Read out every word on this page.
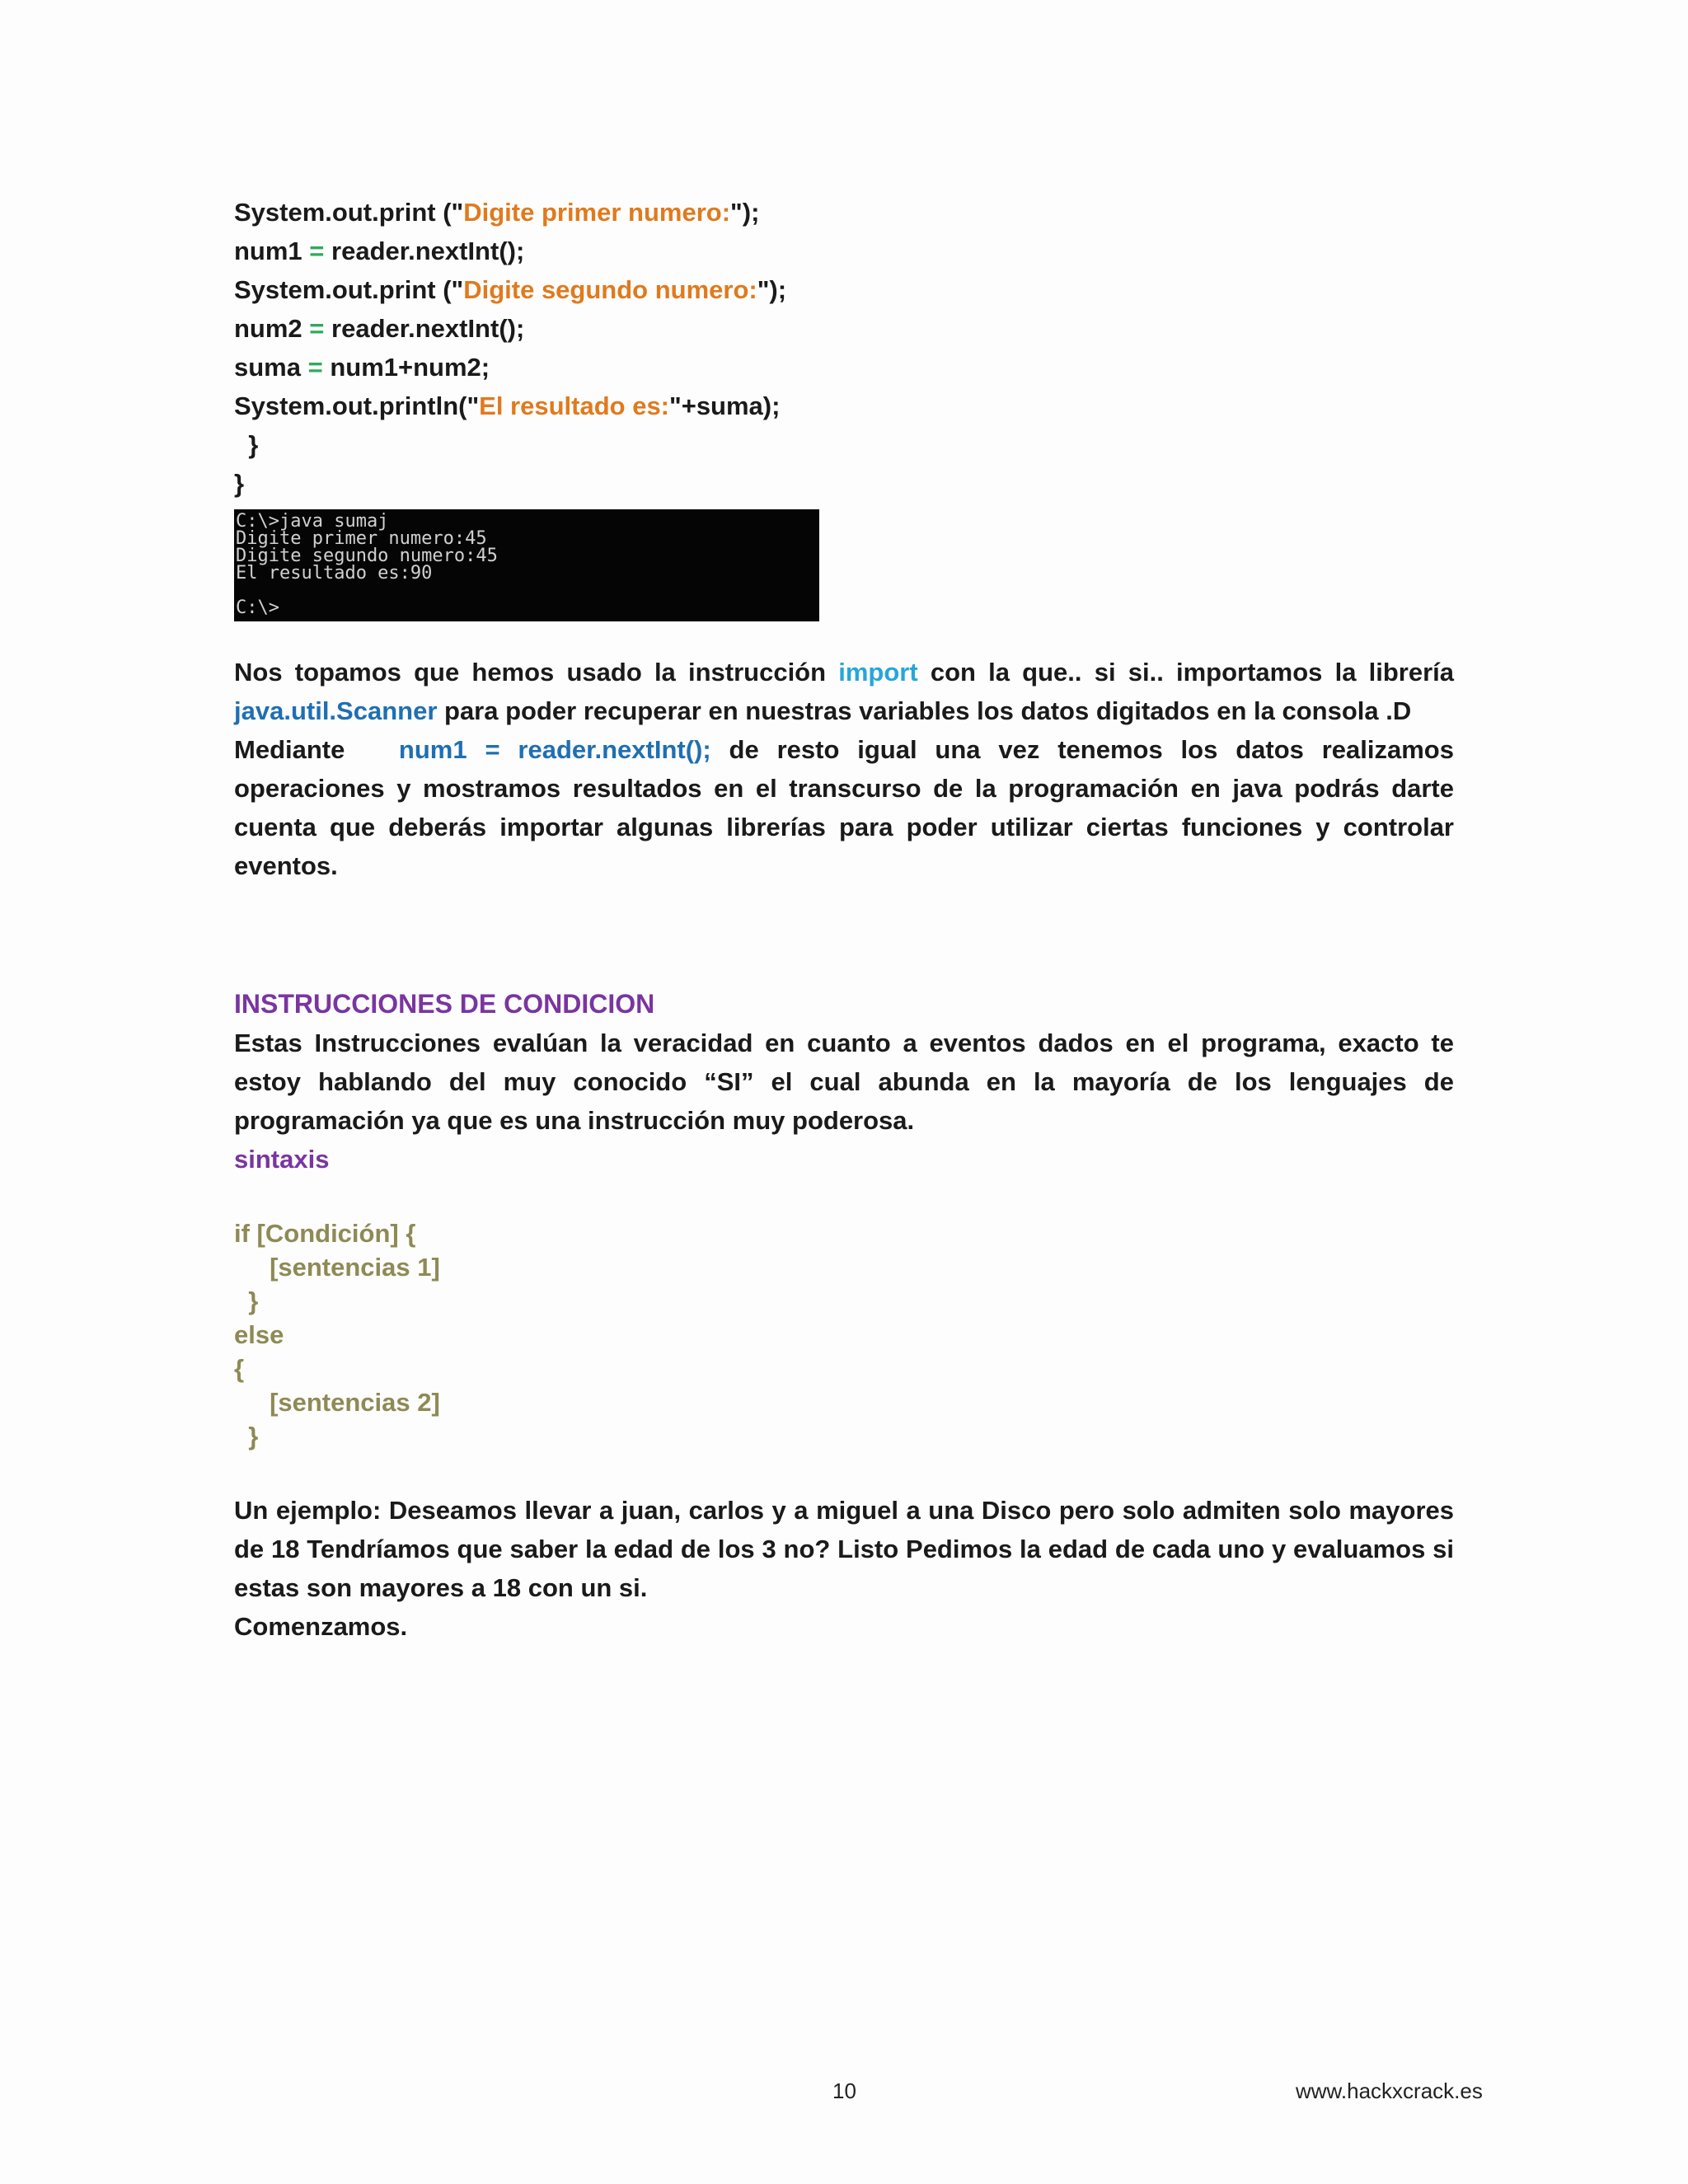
System.out.print ("Digite primer numero:");
num1 = reader.nextInt();
System.out.print ("Digite segundo numero:");
num2 = reader.nextInt();
suma = num1+num2;
System.out.println("El resultado es:"+suma);
}
}
C:\>java sumaj
Digite primer numero:45
Digite segundo numero:45
El resultado es:90
C:\>

Nos topamos que hemos usado la instrucción import con la que.. si si.. importamos la librería java.util.Scanner para poder recuperar en nuestras variables los datos digitados en la consola .D
Mediante   num1 = reader.nextInt(); de resto igual una vez tenemos los datos realizamos operaciones y mostramos resultados en el transcurso de la programación en java podrás darte cuenta que deberás importar algunas librerías para poder utilizar ciertas funciones y controlar eventos.

INSTRUCCIONES DE CONDICION

Estas Instrucciones evalúan la veracidad en cuanto a eventos dados en el programa, exacto te estoy hablando del muy conocido “SI” el cual abunda en la mayoría de los lenguajes de programación ya que es una instrucción muy poderosa.

sintaxis
if [Condición] {
[sentencias 1]
}
else
{
[sentencias 2]
}

Un ejemplo: Deseamos llevar a juan, carlos y a miguel a una Disco pero solo admiten solo mayores de 18 Tendríamos que saber la edad de los 3 no? Listo Pedimos la edad de cada uno y evaluamos si estas son mayores a 18 con un si.

Comenzamos.
10	www.hackxcrack.es
